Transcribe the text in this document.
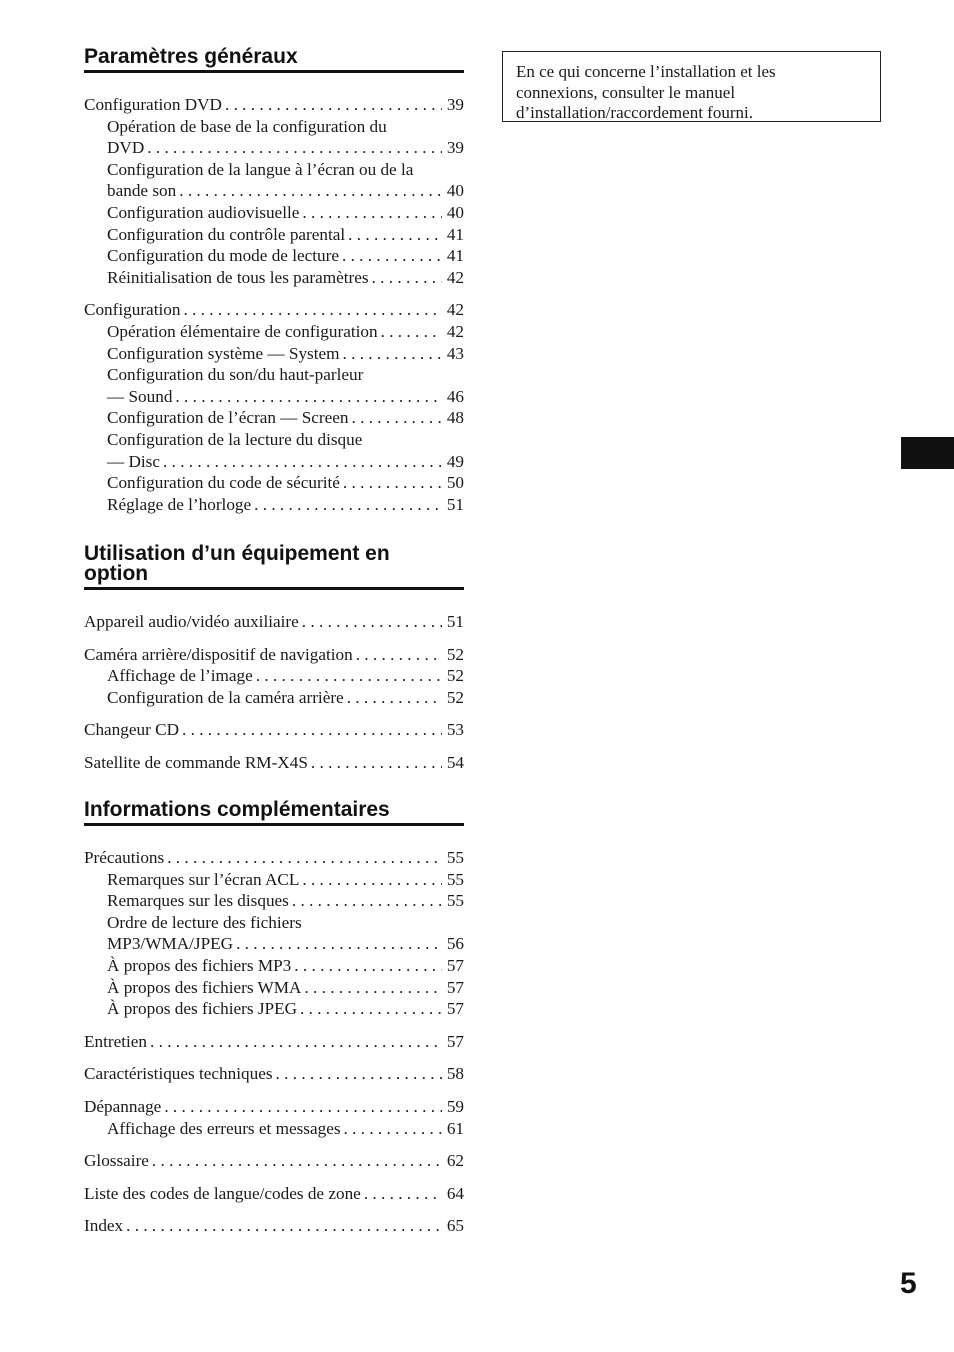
Paramètres généraux
Configuration DVD . . .	39
Opération de base de la configuration du
DVD . . .	39
Configuration de la langue à l’écran ou de la
bande son . . .	40
Configuration audiovisuelle . . .	40
Configuration du contrôle parental . . .	41
Configuration du mode de lecture . . .	41
Réinitialisation de tous les paramètres . . .	42
Configuration . . .	42
Opération élémentaire de configuration . . .	42
Configuration système — System . . .	43
Configuration du son/du haut-parleur
— Sound . . .	46
Configuration de l’écran — Screen . . .	48
Configuration de la lecture du disque
— Disc . . .	49
Configuration du code de sécurité . . .	50
Réglage de l’horloge . . .	51
Utilisation d’un équipement en
option
Appareil audio/vidéo auxiliaire . . .	51
Caméra arrière/dispositif de navigation . . .	52
Affichage de l’image . . .	52
Configuration de la caméra arrière . . .	52
Changeur CD . . .	53
Satellite de commande RM-X4S . . .	54
Informations complémentaires
Précautions . . .	55
Remarques sur l’écran ACL . . .	55
Remarques sur les disques . . .	55
Ordre de lecture des fichiers
MP3/WMA/JPEG . . .	56
À propos des fichiers MP3 . . .	57
À propos des fichiers WMA . . .	57
À propos des fichiers JPEG . . .	57
Entretien . . .	57
Caractéristiques techniques . . .	58
Dépannage . . .	59
Affichage des erreurs et messages . . .	61
Glossaire . . .	62
Liste des codes de langue/codes de zone . . .	64
Index . . .	65
En ce qui concerne l’installation et les
connexions, consulter le manuel
d’installation/raccordement fourni.
5
